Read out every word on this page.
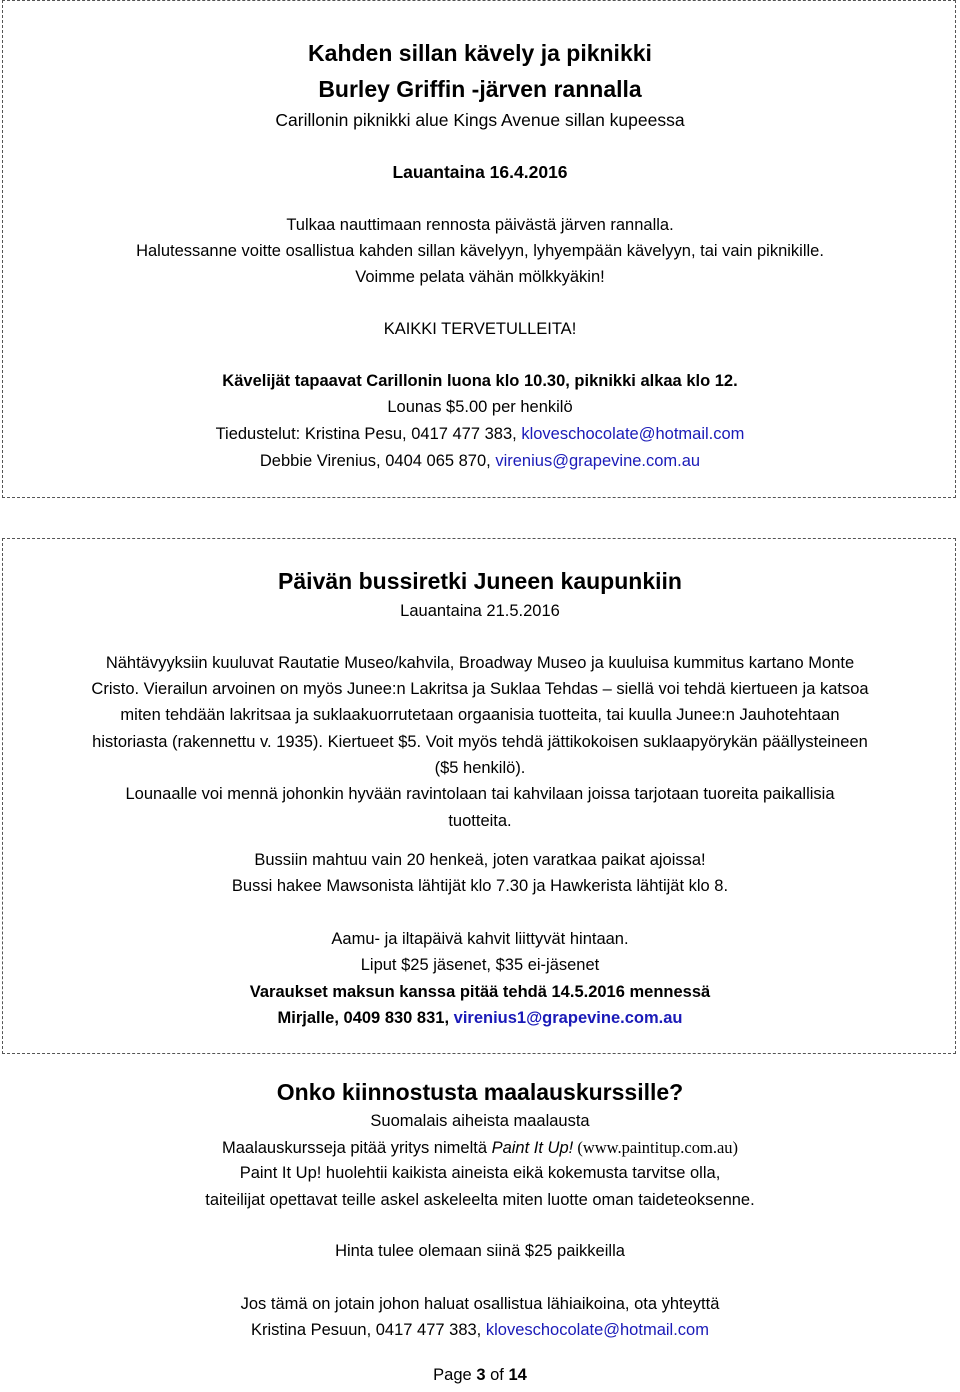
Kahden sillan kävely ja piknikki
Burley Griffin -järven rannalla
Carillonin piknikki alue Kings Avenue sillan kupeessa
Lauantaina 16.4.2016
Tulkaa nauttimaan rennosta päivästä järven rannalla.
Halutessanne voitte osallistua kahden sillan kävelyyn, lyhyempään kävelyyn, tai vain piknikille.
Voimme pelata vähän mölkkyäkin!
KAIKKI TERVETULLEITA!
Kävelijät tapaavat Carillonin luona klo 10.30, piknikki alkaa klo 12.
Lounas $5.00 per henkilö
Tiedustelut: Kristina Pesu, 0417 477 383, kloveschocolate@hotmail.com
Debbie Virenius, 0404 065 870, virenius@grapevine.com.au
Päivän bussiretki Juneen kaupunkiin
Lauantaina 21.5.2016
Nähtävyyksiin kuuluvat Rautatie Museo/kahvila, Broadway Museo ja kuuluisa kummitus kartano Monte
Cristo. Vierailun arvoinen on myös Junee:n Lakritsa ja Suklaa Tehdas – siellä voi tehdä kiertueen ja katsoa
miten tehdään lakritsaa ja suklaakuorrutetaan orgaanisia tuotteita, tai kuulla Junee:n Jauhotehtaan
historiasta (rakennettu v. 1935). Kiertueet $5. Voit myös tehdä jättikokoisen suklaapyörykän päällysteineen
($5 henkilö).
Lounaalle voi mennä johonkin hyvään ravintolaan tai kahvilaan joissa tarjotaan tuoreita paikallisia
tuotteita.
Bussiin mahtuu vain 20 henkeä, joten varatkaa paikat ajoissa!
Bussi hakee Mawsonista lähtijät klo 7.30 ja Hawkerista lähtijät klo 8.
Aamu- ja iltapäivä kahvit liittyvät hintaan.
Liput $25 jäsenet, $35 ei-jäsenet
Varaukset maksun kanssa pitää tehdä 14.5.2016 mennessä
Mirjalle, 0409 830 831, virenius1@grapevine.com.au
Onko kiinnostusta maalauskurssille?
Suomalais aiheista maalausta
Maalauskursseja pitää yritys nimeltä Paint It Up! (www.paintitup.com.au)
Paint It Up! huolehtii kaikista aineista eikä kokemusta tarvitse olla,
taiteilijat opettavat teille askel askeleelta miten luotte oman taideteoksenne.
Hinta tulee olemaan siinä $25 paikkeilla
Jos tämä on jotain johon haluat osallistua lähiaikoina, ota yhteyttä
Kristina Pesuun, 0417 477 383, kloveschocolate@hotmail.com
Page 3 of 14
